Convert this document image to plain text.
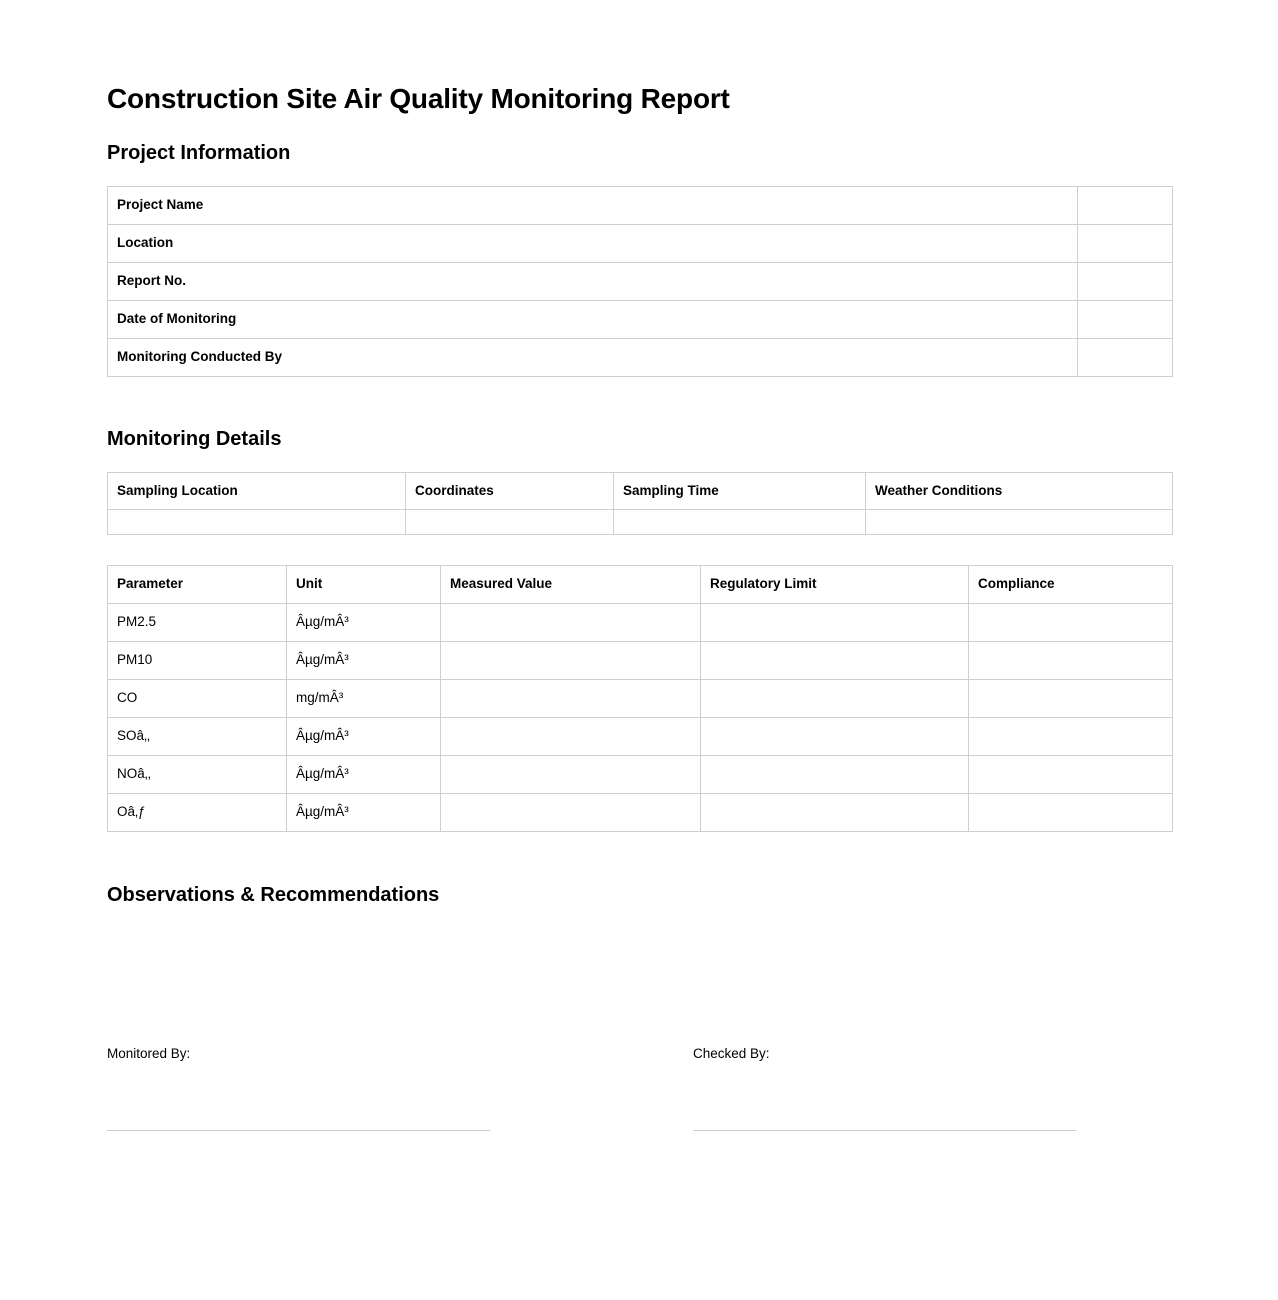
Construction Site Air Quality Monitoring Report
Project Information
Project Name	
Location	
Report No.	
Date of Monitoring	
Monitoring Conducted By	
Monitoring Details
Sampling Location	Coordinates	Sampling Time	Weather Conditions

Parameter	Unit	Measured Value	Regulatory Limit	Compliance
PM2.5	Âµg/mÂ³			
PM10	Âµg/mÂ³			
CO	mg/mÂ³			
SOâ‚‚	Âµg/mÂ³			
NOâ‚‚	Âµg/mÂ³			
Oâ‚ƒ	Âµg/mÂ³			
Observations & Recommendations
Monitored By:	Checked By:
